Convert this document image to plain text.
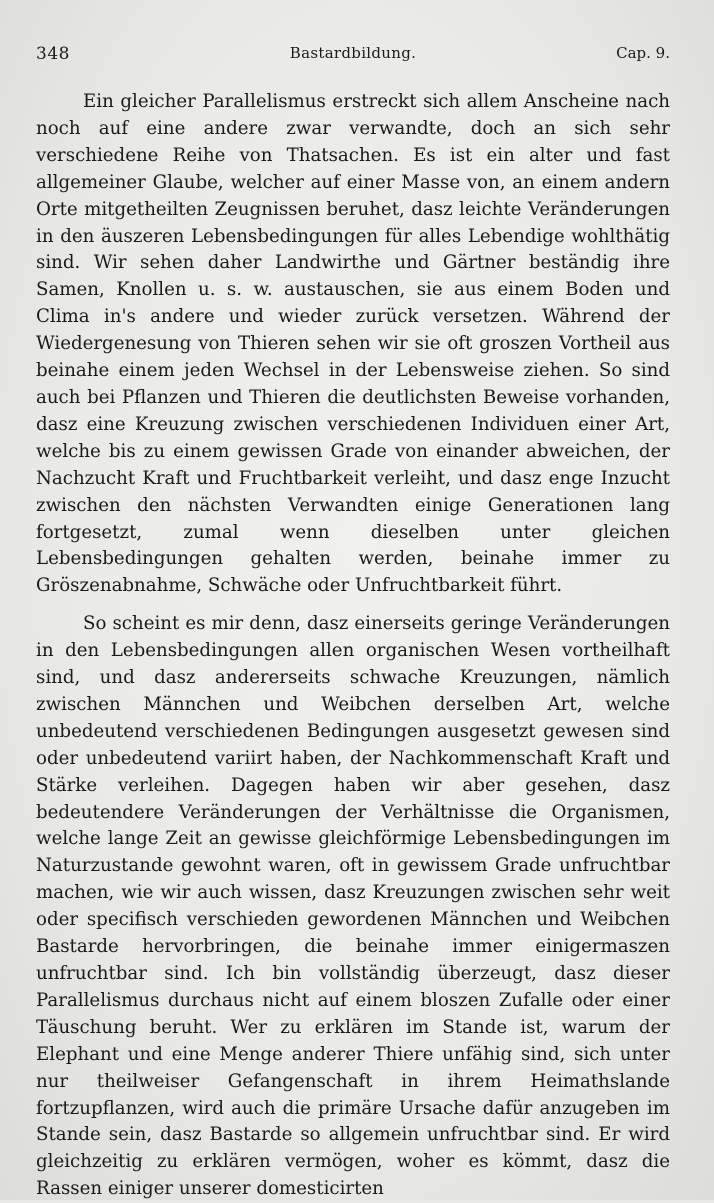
348	Bastardbildung.	Cap. 9.

Ein gleicher Parallelismus erstreckt sich allem Anscheine nach noch auf eine andere zwar verwandte, doch an sich sehr verschiedene Reihe von Thatsachen. Es ist ein alter und fast allgemeiner Glaube, welcher auf einer Masse von, an einem andern Orte mitgetheilten Zeugnissen beruhet, dasz leichte Veränderungen in den äuszeren Lebensbedingungen für alles Lebendige wohlthätig sind. Wir sehen daher Landwirthe und Gärtner beständig ihre Samen, Knollen u. s. w. austauschen, sie aus einem Boden und Clima in's andere und wieder zurück versetzen. Während der Wiedergenesung von Thieren sehen wir sie oft groszen Vortheil aus beinahe einem jeden Wechsel in der Lebensweise ziehen. So sind auch bei Pflanzen und Thieren die deutlichsten Beweise vorhanden, dasz eine Kreuzung zwischen verschiedenen Individuen einer Art, welche bis zu einem gewissen Grade von einander abweichen, der Nachzucht Kraft und Fruchtbarkeit verleiht, und dasz enge Inzucht zwischen den nächsten Verwandten einige Generationen lang fortgesetzt, zumal wenn dieselben unter gleichen Lebensbedingungen gehalten werden, beinahe immer zu Gröszenabnahme, Schwäche oder Unfruchtbarkeit führt.

So scheint es mir denn, dasz einerseits geringe Veränderungen in den Lebensbedingungen allen organischen Wesen vortheilhaft sind, und dasz andererseits schwache Kreuzungen, nämlich zwischen Männchen und Weibchen derselben Art, welche unbedeutend verschiedenen Bedingungen ausgesetzt gewesen sind oder unbedeutend variirt haben, der Nachkommenschaft Kraft und Stärke verleihen. Dagegen haben wir aber gesehen, dasz bedeutendere Veränderungen der Verhältnisse die Organismen, welche lange Zeit an gewisse gleichförmige Lebensbedingungen im Naturzustande gewohnt waren, oft in gewissem Grade unfruchtbar machen, wie wir auch wissen, dasz Kreuzungen zwischen sehr weit oder specifisch verschieden gewordenen Männchen und Weibchen Bastarde hervorbringen, die beinahe immer einigermaszen unfruchtbar sind. Ich bin vollständig überzeugt, dasz dieser Parallelismus durchaus nicht auf einem bloszen Zufalle oder einer Täuschung beruht. Wer zu erklären im Stande ist, warum der Elephant und eine Menge anderer Thiere unfähig sind, sich unter nur theilweiser Gefangenschaft in ihrem Heimathslande fortzupflanzen, wird auch die primäre Ursache dafür anzugeben im Stande sein, dasz Bastarde so allgemein unfruchtbar sind. Er wird gleichzeitig zu erklären vermögen, woher es kömmt, dasz die Rassen einiger unserer domesticirten
